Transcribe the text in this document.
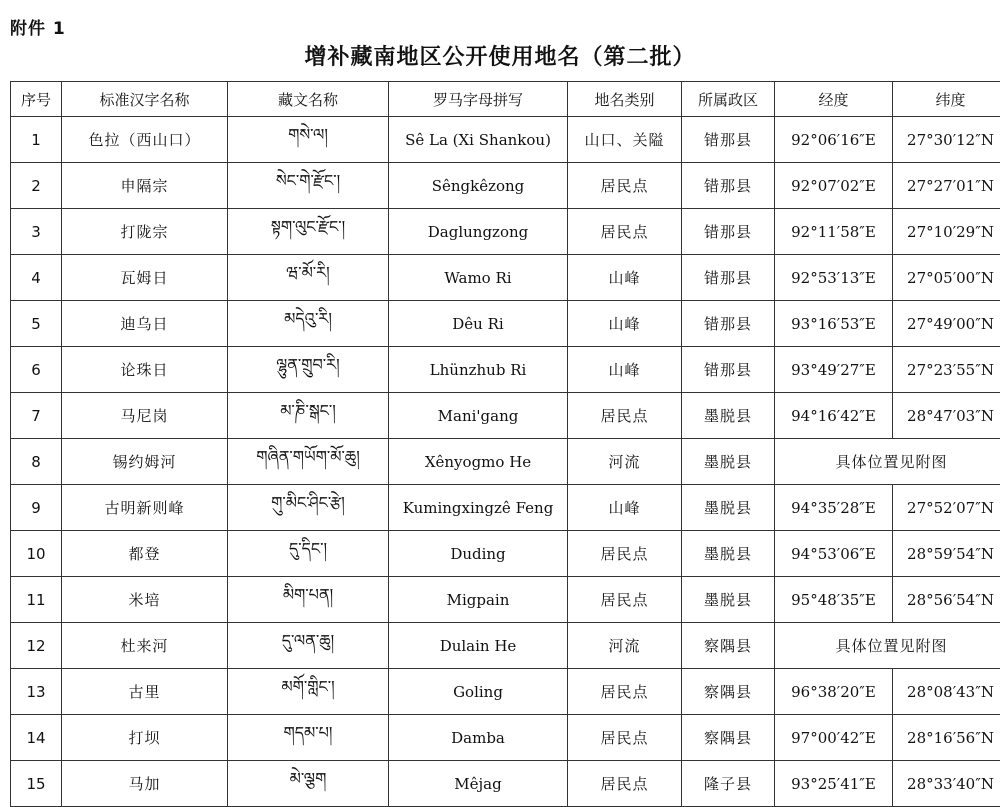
附件 1
增补藏南地区公开使用地名（第二批）
序号	标准汉字名称	藏文名称	罗马字母拼写	地名类别	所属政区	经度	纬度
1	色拉（西山口）	གསེ་ལ།	Sê La (Xi Shankou)	山口、关隘	错那县	92°06′16″E	27°30′12″N
2	申隔宗	སེང་གེ་རྫོང་།	Sêngkêzong	居民点	错那县	92°07′02″E	27°27′01″N
3	打陇宗	སྟག་ལུང་རྫོང་།	Daglungzong	居民点	错那县	92°11′58″E	27°10′29″N
4	瓦姆日	ཝ་མོ་རི།	Wamo Ri	山峰	错那县	92°53′13″E	27°05′00″N
5	迪乌日	མདེའུ་རི།	Dêu Ri	山峰	错那县	93°16′53″E	27°49′00″N
6	论珠日	ལྷུན་གྲུབ་རི།	Lhünzhub Ri	山峰	错那县	93°49′27″E	27°23′55″N
7	马尼岗	མ་ཎི་སྒང་།	Mani'gang	居民点	墨脱县	94°16′42″E	28°47′03″N
8	锡约姆河	གཞིན་གཡོག་མོ་ཆུ།	Xênyogmo He	河流	墨脱县	具体位置见附图	
9	古明新则峰	གུ་མིང་ཤིང་རྩེ།	Kumingxingzê Feng	山峰	墨脱县	94°35′28″E	27°52′07″N
10	都登	དུ་དིང་།	Duding	居民点	墨脱县	94°53′06″E	28°59′54″N
11	米培	མིག་པན།	Migpain	居民点	墨脱县	95°48′35″E	28°56′54″N
12	杜来河	དུ་ལན་ཆུ།	Dulain He	河流	察隅县	具体位置见附图	
13	古里	མགོ་གླིང་།	Goling	居民点	察隅县	96°38′20″E	28°08′43″N
14	打坝	གདམ་པ།	Damba	居民点	察隅县	97°00′42″E	28°16′56″N
15	马加	མེ་ལྕག	Mêjag	居民点	隆子县	93°25′41″E	28°33′40″N
